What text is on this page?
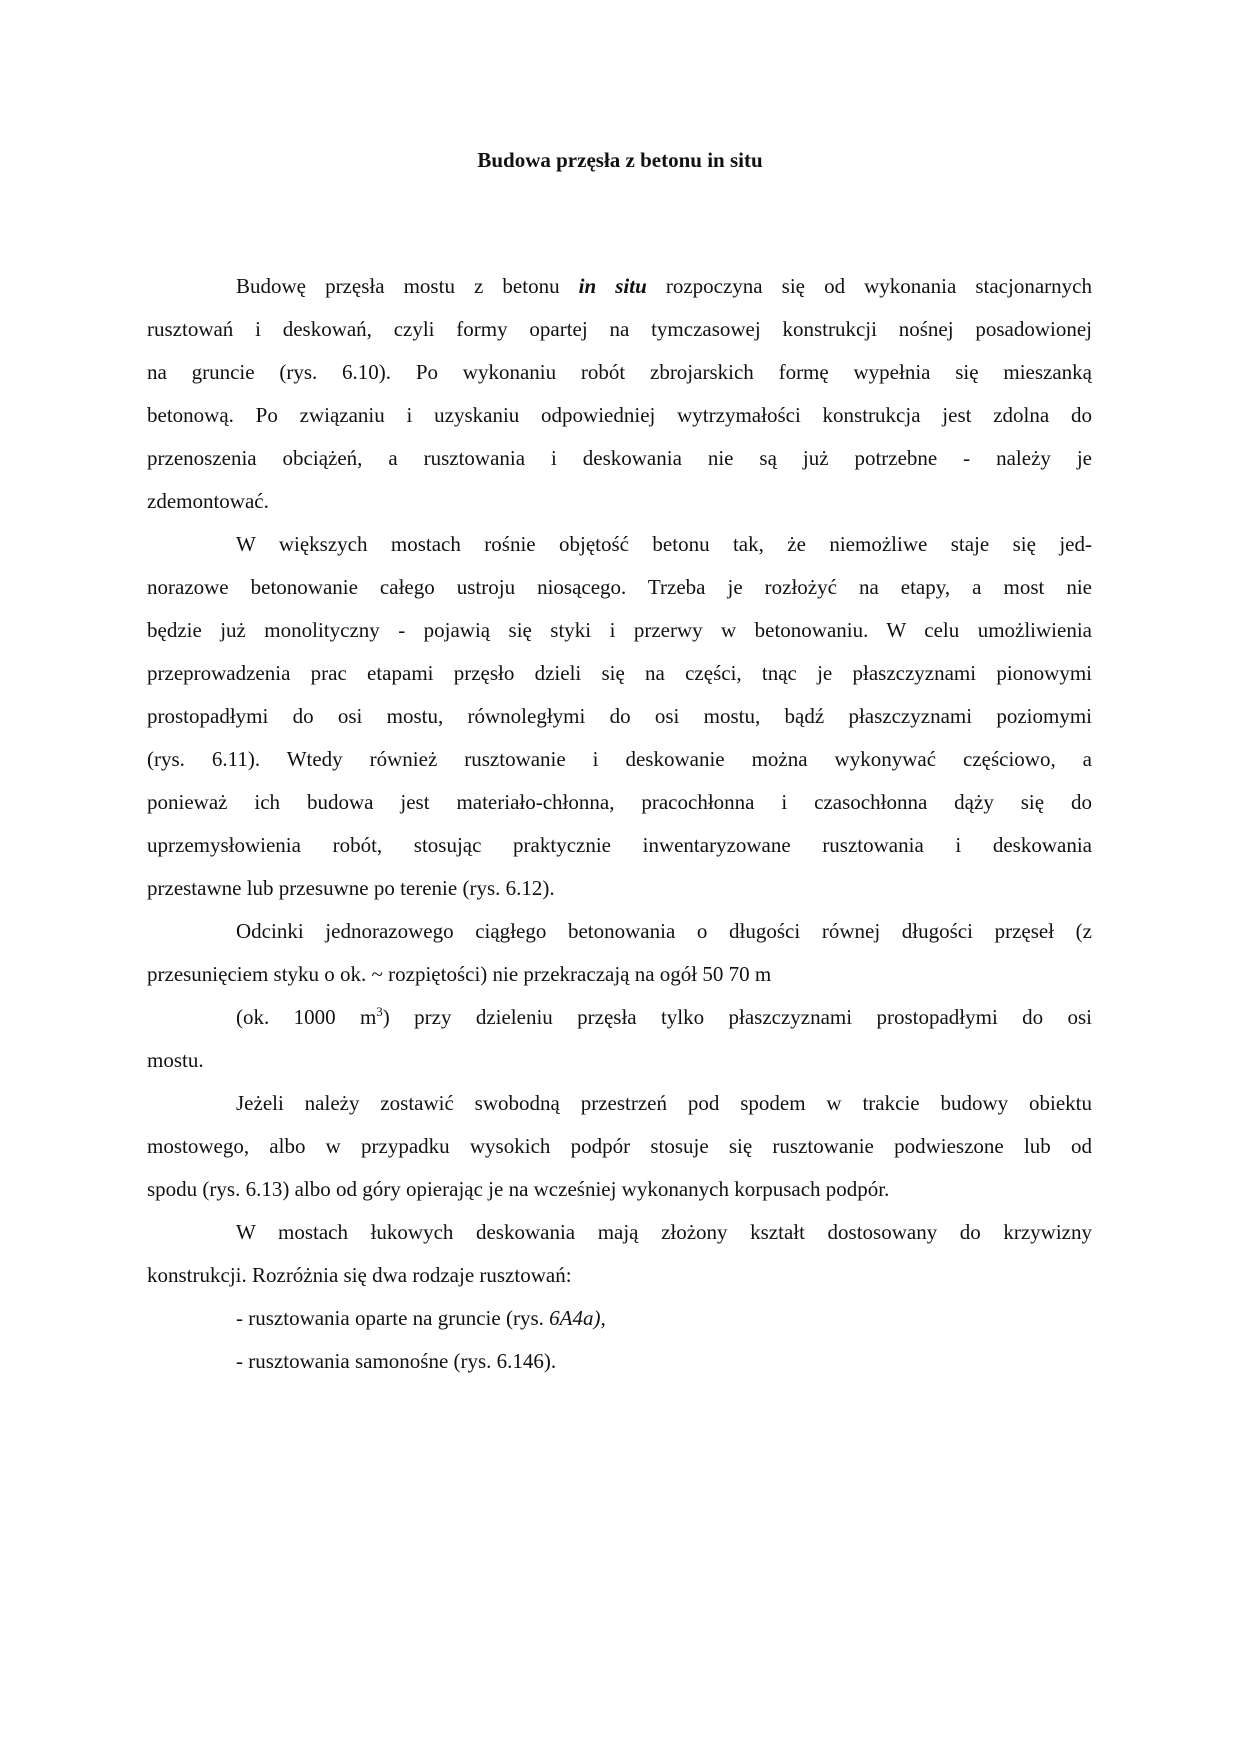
Budowa przęsła z betonu in situ
Budowę przęsła mostu z betonu in situ rozpoczyna się od wykonania stacjonarnych
rusztowań i deskowań, czyli formy opartej na tymczasowej konstrukcji nośnej posadowionej
na gruncie (rys. 6.10). Po wykonaniu robót zbrojarskich formę wypełnia się mieszanką
betonową. Po związaniu i uzyskaniu odpowiedniej wytrzymałości konstrukcja jest zdolna do
przenoszenia obciążeń, a rusztowania i deskowania nie są już potrzebne - należy je
zdemontować.
W większych mostach rośnie objętość betonu tak, że niemożliwe staje się jed-
norazowe betonowanie całego ustroju niosącego. Trzeba je rozłożyć na etapy, a most nie
będzie już monolityczny - pojawią się styki i przerwy w betonowaniu. W celu umożliwienia
przeprowadzenia prac etapami przęsło dzieli się na części, tnąc je płaszczyznami pionowymi
prostopadłymi do osi mostu, równoległymi do osi mostu, bądź płaszczyznami poziomymi
(rys. 6.11). Wtedy również rusztowanie i deskowanie można wykonywać częściowo, a
ponieważ ich budowa jest materiało-chłonna, pracochłonna i czasochłonna dąży się do
uprzemysłowienia robót, stosując praktycznie inwentaryzowane rusztowania i deskowania
przestawne lub przesuwne po terenie (rys. 6.12).
Odcinki jednorazowego ciągłego betonowania o długości równej długości przęseł (z
przesunięciem styku o ok. ~ rozpiętości) nie przekraczają na ogół 50 70 m
(ok. 1000 $m^3$) przy dzieleniu przęsła tylko płaszczyznami prostopadłymi do osi
mostu.
Jeżeli należy zostawić swobodną przestrzeń pod spodem w trakcie budowy obiektu
mostowego, albo w przypadku wysokich podpór stosuje się rusztowanie podwieszone lub od
spodu (rys. 6.13) albo od góry opierając je na wcześniej wykonanych korpusach podpór.
W mostach łukowych deskowania mają złożony kształt dostosowany do krzywizny
konstrukcji. Rozróżnia się dwa rodzaje rusztowań:
- rusztowania oparte na gruncie (rys. 6A4a),
- rusztowania samonośne (rys. 6.146).
